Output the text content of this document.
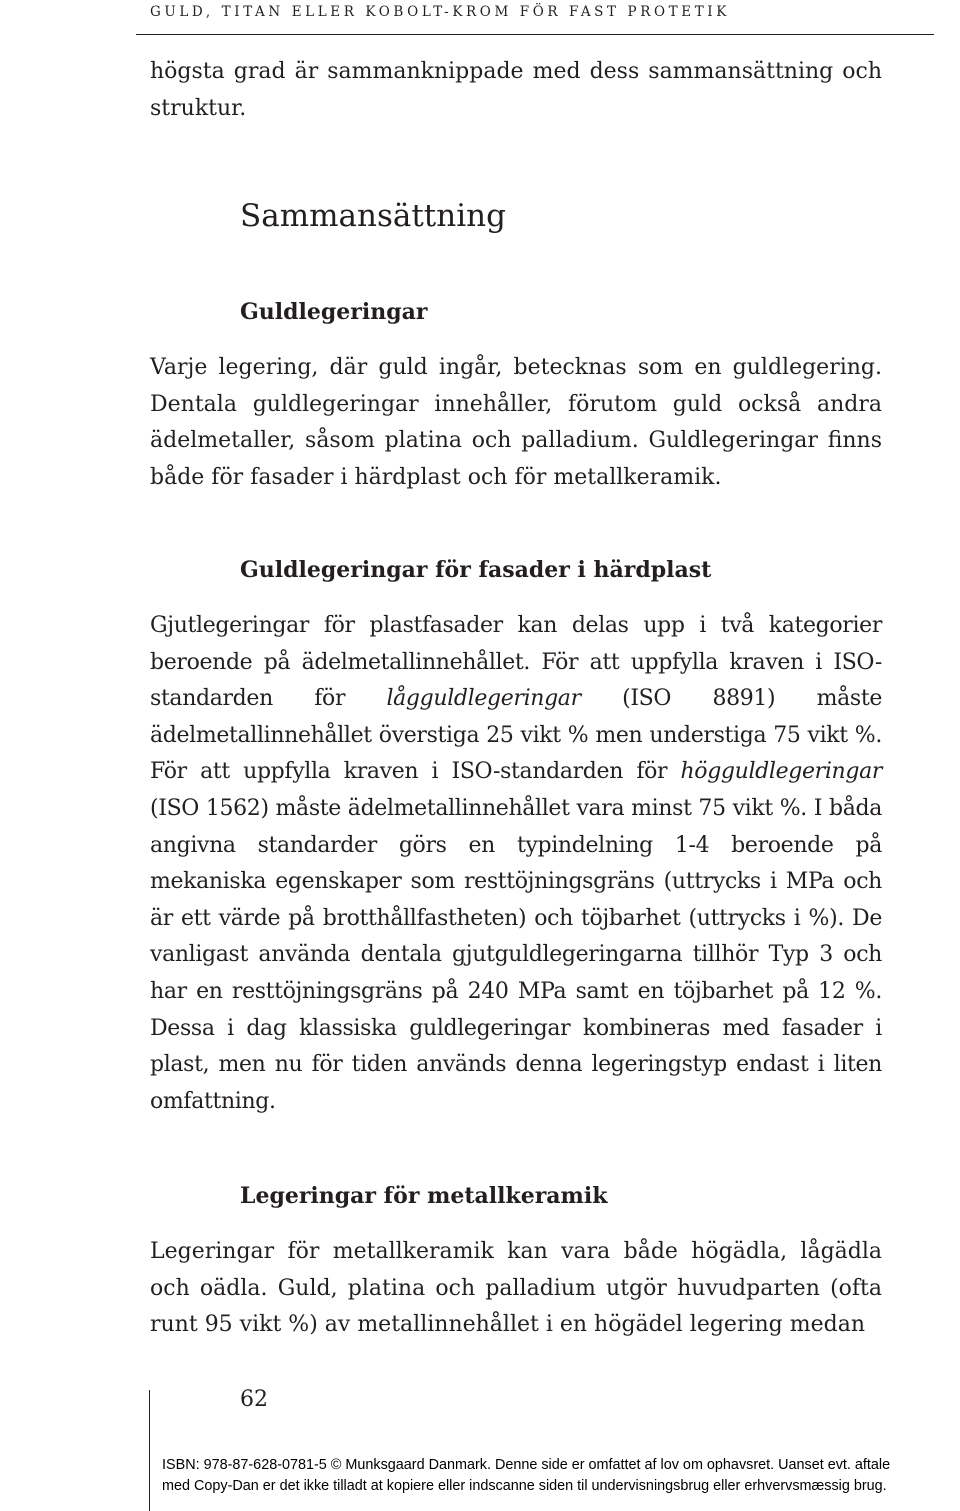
GULD, TITAN ELLER KOBOLT-KROM FÖR FAST PROTETIK

högsta grad är sammanknippade med dess sammansättning och struktur.

Sammansättning
Guldlegeringar

Varje legering, där guld ingår, betecknas som en guldlegering. Dentala guldlegeringar innehåller, förutom guld också andra ädelmetaller, såsom platina och palladium. Guldlegeringar finns både för fasader i härdplast och för metallkeramik.

Guldlegeringar för fasader i härdplast

Gjutlegeringar för plastfasader kan delas upp i två kategorier beroende på ädelmetallinnehållet. För att uppfylla kraven i ISO-standarden för lågguldlegeringar (ISO 8891) måste ädelmetallinnehållet överstiga 25 vikt % men understiga 75 vikt %. För att uppfylla kraven i ISO-standarden för högguldlegeringar (ISO 1562) måste ädelmetallinnehållet vara minst 75 vikt %. I båda angivna standarder görs en typindelning 1-4 beroende på mekaniska egenskaper som resttöjningsgräns (uttrycks i MPa och är ett värde på brotthållfastheten) och töjbarhet (uttrycks i %). De vanligast använda dentala gjutguldlegeringarna tillhör Typ 3 och har en resttöjningsgräns på 240 MPa samt en töjbarhet på 12 %. Dessa i dag klassiska guldlegeringar kombineras med fasader i plast, men nu för tiden används denna legeringstyp endast i liten omfattning.

Legeringar för metallkeramik

Legeringar för metallkeramik kan vara både högädla, lågädla och oädla. Guld, platina och palladium utgör huvudparten (ofta runt 95 vikt %) av metallinnehållet i en högädel legering medan

62
ISBN: 978-87-628-0781-5 © Munksgaard Danmark. Denne side er omfattet af lov om ophavsret. Uanset evt. aftale
med Copy-Dan er det ikke tilladt at kopiere eller indscanne siden til undervisningsbrug eller erhvervsmæssig brug.
